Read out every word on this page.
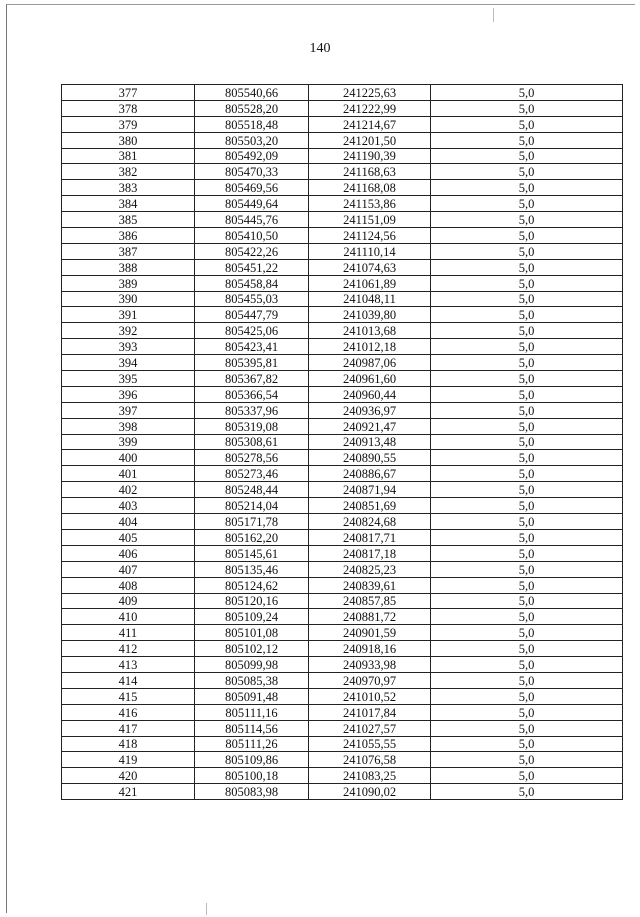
140
377	805540,66	241225,63	5,0
378	805528,20	241222,99	5,0
379	805518,48	241214,67	5,0
380	805503,20	241201,50	5,0
381	805492,09	241190,39	5,0
382	805470,33	241168,63	5,0
383	805469,56	241168,08	5,0
384	805449,64	241153,86	5,0
385	805445,76	241151,09	5,0
386	805410,50	241124,56	5,0
387	805422,26	241110,14	5,0
388	805451,22	241074,63	5,0
389	805458,84	241061,89	5,0
390	805455,03	241048,11	5,0
391	805447,79	241039,80	5,0
392	805425,06	241013,68	5,0
393	805423,41	241012,18	5,0
394	805395,81	240987,06	5,0
395	805367,82	240961,60	5,0
396	805366,54	240960,44	5,0
397	805337,96	240936,97	5,0
398	805319,08	240921,47	5,0
399	805308,61	240913,48	5,0
400	805278,56	240890,55	5,0
401	805273,46	240886,67	5,0
402	805248,44	240871,94	5,0
403	805214,04	240851,69	5,0
404	805171,78	240824,68	5,0
405	805162,20	240817,71	5,0
406	805145,61	240817,18	5,0
407	805135,46	240825,23	5,0
408	805124,62	240839,61	5,0
409	805120,16	240857,85	5,0
410	805109,24	240881,72	5,0
411	805101,08	240901,59	5,0
412	805102,12	240918,16	5,0
413	805099,98	240933,98	5,0
414	805085,38	240970,97	5,0
415	805091,48	241010,52	5,0
416	805111,16	241017,84	5,0
417	805114,56	241027,57	5,0
418	805111,26	241055,55	5,0
419	805109,86	241076,58	5,0
420	805100,18	241083,25	5,0
421	805083,98	241090,02	5,0
